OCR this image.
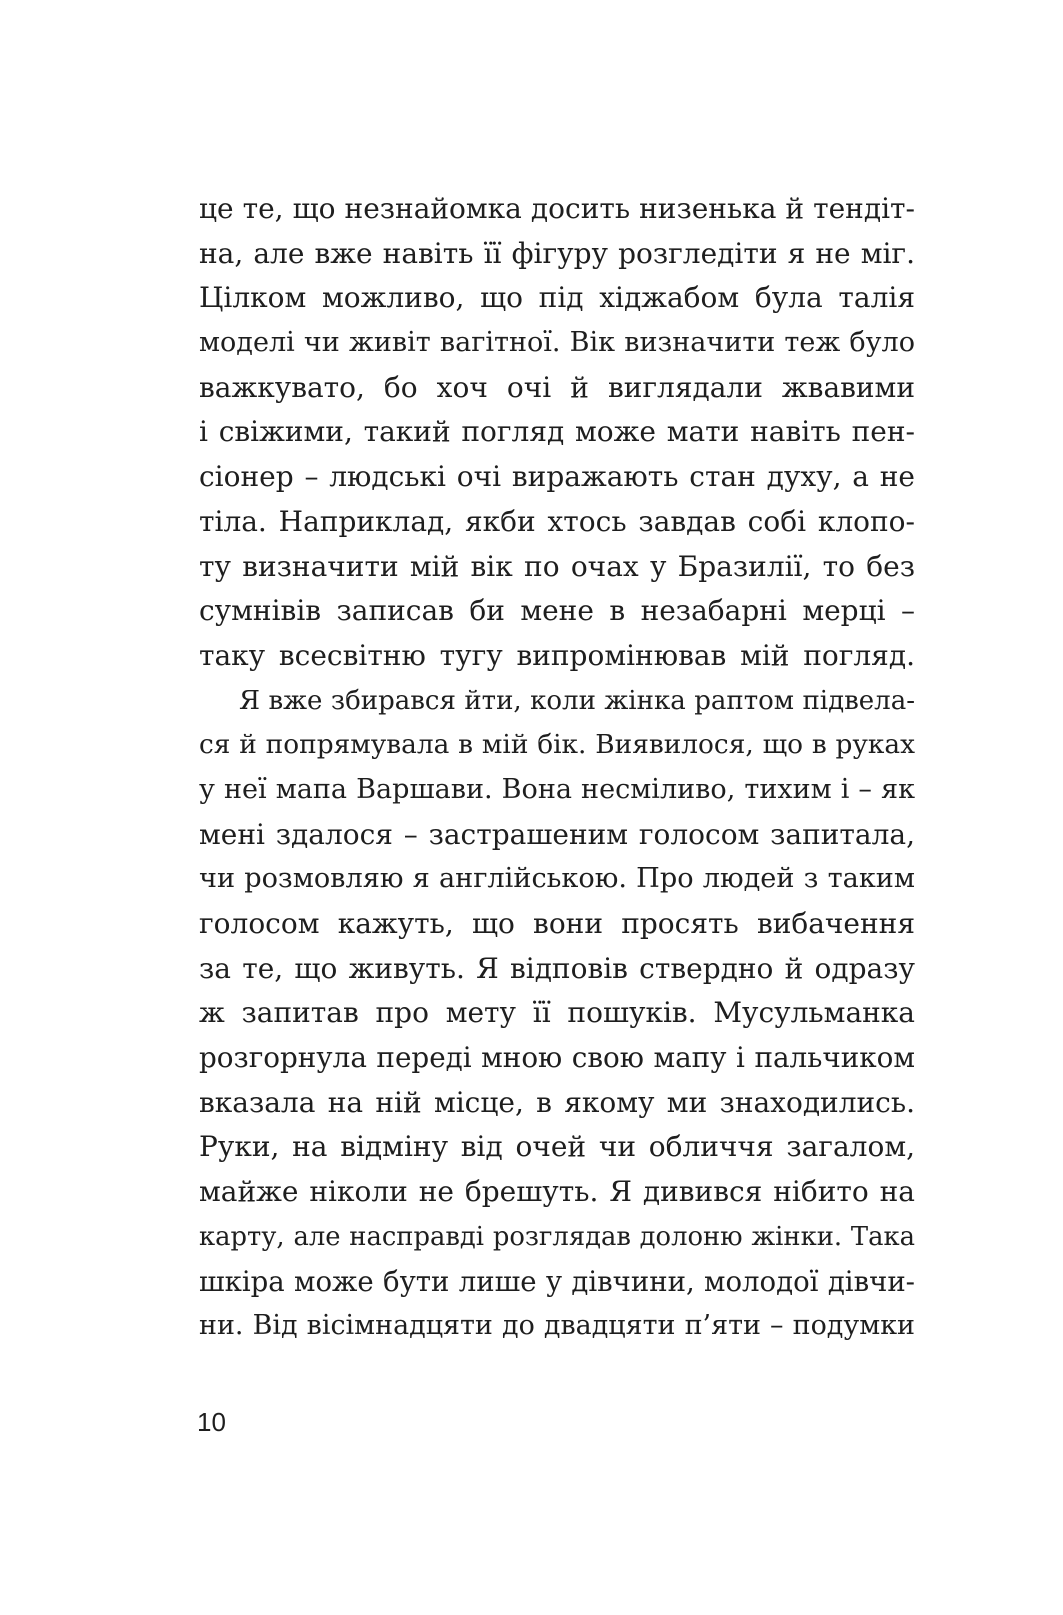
це те, що незнайомка досить низенька й тендіт-
на, але вже навіть її фігуру розгледіти я не міг.
Цілком можливо, що під хіджабом була талія
моделі чи живіт вагітної. Вік визначити теж було
важкувато, бо хоч очі й виглядали жвавими
і свіжими, такий погляд може мати навіть пен-
сіонер – людські очі виражають стан духу, а не
тіла. Наприклад, якби хтось завдав собі клопо-
ту визначити мій вік по очах у Бразилії, то без
сумнівів записав би мене в незабарні мерці –
таку всесвітню тугу випромінював мій погляд.
Я вже збирався йти, коли жінка раптом підвела-
ся й попрямувала в мій бік. Виявилося, що в руках
у неї мапа Варшави. Вона несміливо, тихим і – як
мені здалося – застрашеним голосом запитала,
чи розмовляю я англійською. Про людей з таким
голосом кажуть, що вони просять вибачення
за те, що живуть. Я відповів ствердно й одразу
ж запитав про мету її пошуків. Мусульманка
розгорнула переді мною свою мапу і пальчиком
вказала на ній місце, в якому ми знаходились.
Руки, на відміну від очей чи обличчя загалом,
майже ніколи не брешуть. Я дивився нібито на
карту, але насправді розглядав долоню жінки. Така
шкіра може бути лише у дівчини, молодої дівчи-
ни. Від вісімнадцяти до двадцяти п’яти – подумки
10
